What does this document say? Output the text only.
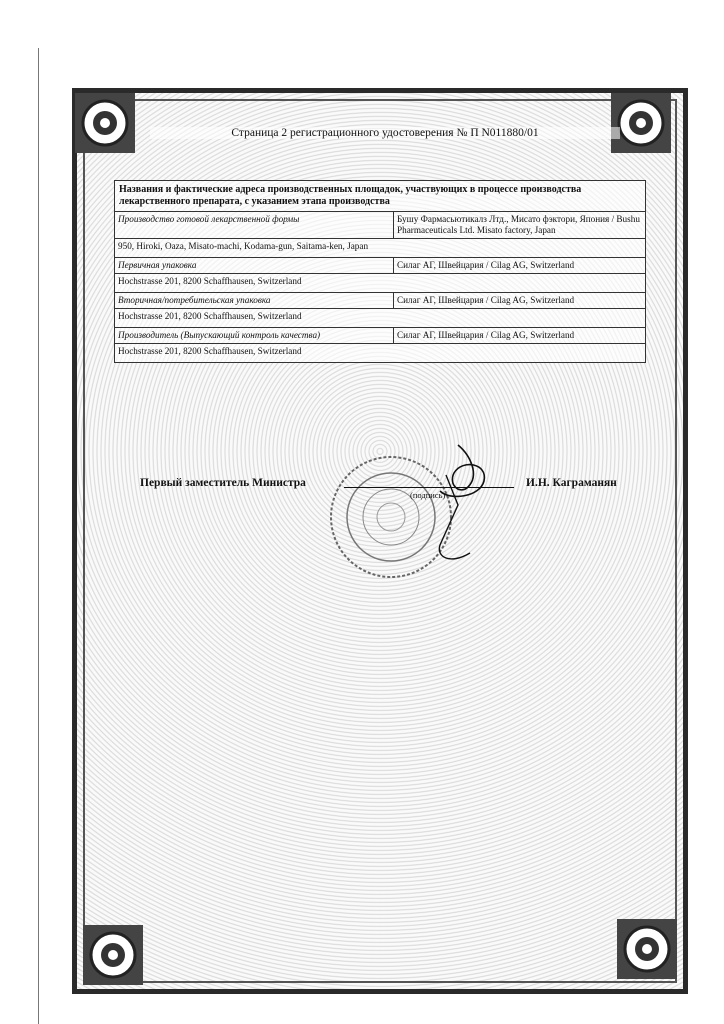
Страница 2 регистрационного удостоверения № П N011880/01
Названия и фактические адреса производственных площадок, участвующих в процессе производства лекарственного препарата, с указанием этапа производства	
Производство готовой лекарственной формы	Бушу Фармасьютикалз Лтд., Мисато фэктори, Япония / Bushu Pharmaceuticals Ltd. Misato factory, Japan
950, Hiroki, Oaza, Misato-machi, Kodama-gun, Saitama-ken, Japan	
Первичная упаковка	Силаг АГ, Швейцария / Cilag AG, Switzerland
Hochstrasse 201, 8200 Schaffhausen, Switzerland	
Вторичная/потребительская упаковка	Силаг АГ, Швейцария / Cilag AG, Switzerland
Hochstrasse 201, 8200 Schaffhausen, Switzerland	
Производитель (Выпускающий контроль качества)	Силаг АГ, Швейцария / Cilag AG, Switzerland
Hochstrasse 201, 8200 Schaffhausen, Switzerland	
Первый заместитель Министра
(подпись)
И.Н. Каграманян
